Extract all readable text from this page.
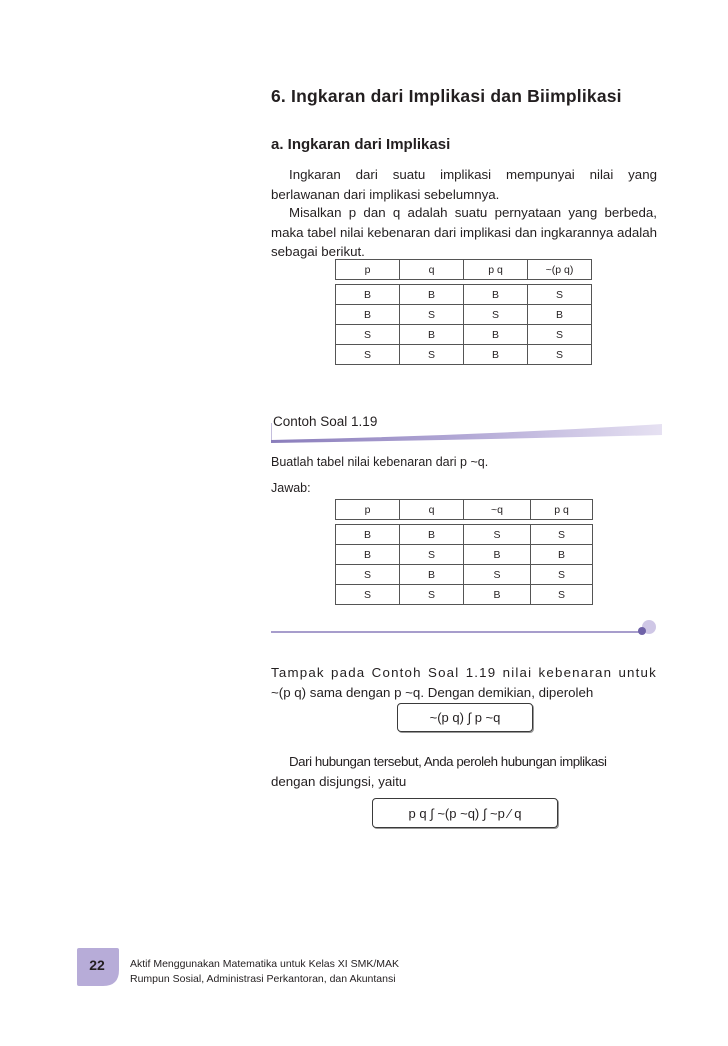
6. Ingkaran dari Implikasi dan Biimplikasi
a. Ingkaran dari Implikasi
Ingkaran dari suatu implikasi mempunyai nilai yang berlawanan dari implikasi sebelumnya.
Misalkan p dan q adalah suatu pernyataan yang berbeda, maka tabel nilai kebenaran dari implikasi dan ingkarannya adalah sebagai berikut.
p	q	p q	~(p q)

B	B	B	S
B	S	S	B
S	B	B	S
S	S	B	S
Contoh Soal 1.19
Buatlah tabel nilai kebenaran dari p ~q.
Jawab:
p	q	~q	p q

B	B	S	S
B	S	B	B
S	B	S	S
S	S	B	S
Tampak pada Contoh Soal 1.19 nilai kebenaran untuk
~(p q) sama dengan p ~q. Dengan demikian, diperoleh
~(p q) ∫ p ~q
Dari hubungan tersebut, Anda peroleh hubungan implikasi
dengan disjungsi, yaitu
p q ∫ ~(p ~q) ∫ ~p ⁄ q
22	Aktif Menggunakan Matematika untuk Kelas XI SMK/MAK
Rumpun Sosial, Administrasi Perkantoran, dan Akuntansi
